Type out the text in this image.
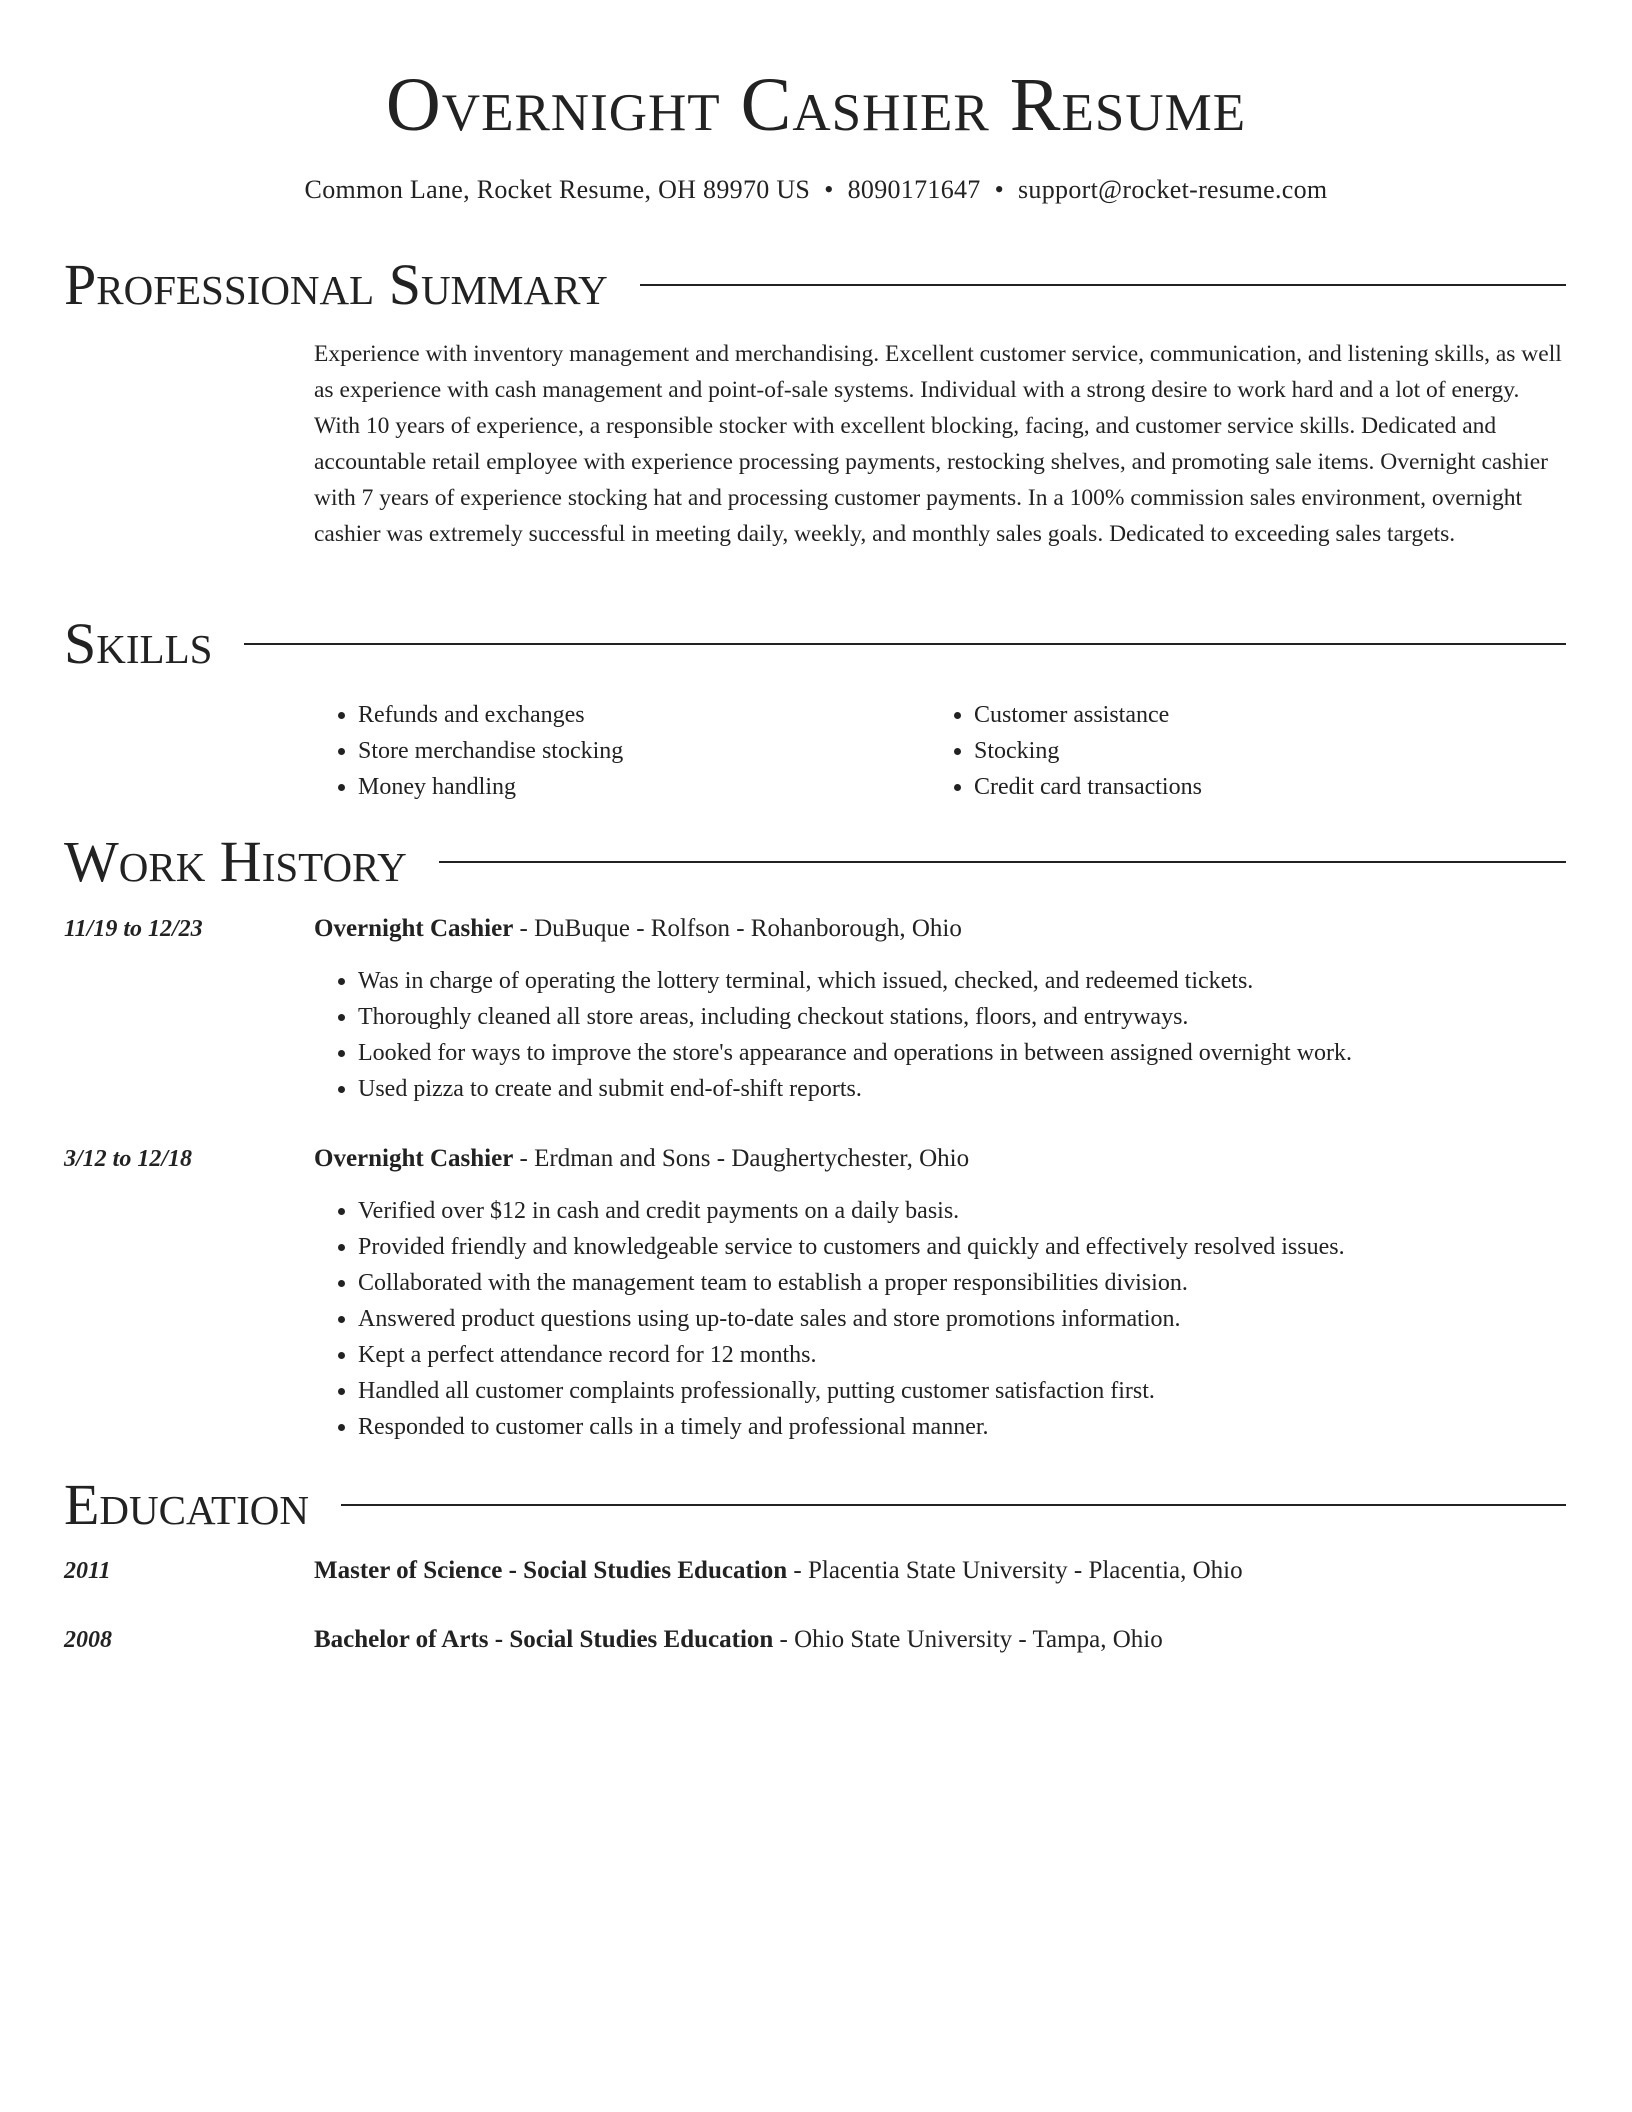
Overnight Cashier Resume
Common Lane, Rocket Resume, OH 89970 US • 8090171647 • support@rocket-resume.com
Professional Summary

Experience with inventory management and merchandising. Excellent customer service, communication, and listening skills, as well as experience with cash management and point-of-sale systems. Individual with a strong desire to work hard and a lot of energy. With 10 years of experience, a responsible stocker with excellent blocking, facing, and customer service skills. Dedicated and accountable retail employee with experience processing payments, restocking shelves, and promoting sale items. Overnight cashier with 7 years of experience stocking hat and processing customer payments. In a 100% commission sales environment, overnight cashier was extremely successful in meeting daily, weekly, and monthly sales goals. Dedicated to exceeding sales targets.

Skills
• Refunds and exchanges
• Store merchandise stocking
• Money handling
• Customer assistance
• Stocking
• Credit card transactions
Work History
11/19 to 12/23	Overnight Cashier - DuBuque - Rolfson - Rohanborough, Ohio
• Was in charge of operating the lottery terminal, which issued, checked, and redeemed tickets.
• Thoroughly cleaned all store areas, including checkout stations, floors, and entryways.
• Looked for ways to improve the store's appearance and operations in between assigned overnight work.
• Used pizza to create and submit end-of-shift reports.
3/12 to 12/18	Overnight Cashier - Erdman and Sons - Daughertychester, Ohio
• Verified over $12 in cash and credit payments on a daily basis.
• Provided friendly and knowledgeable service to customers and quickly and effectively resolved issues.
• Collaborated with the management team to establish a proper responsibilities division.
• Answered product questions using up-to-date sales and store promotions information.
• Kept a perfect attendance record for 12 months.
• Handled all customer complaints professionally, putting customer satisfaction first.
• Responded to customer calls in a timely and professional manner.
Education
2011	Master of Science - Social Studies Education - Placentia State University - Placentia, Ohio
2008	Bachelor of Arts - Social Studies Education - Ohio State University - Tampa, Ohio
